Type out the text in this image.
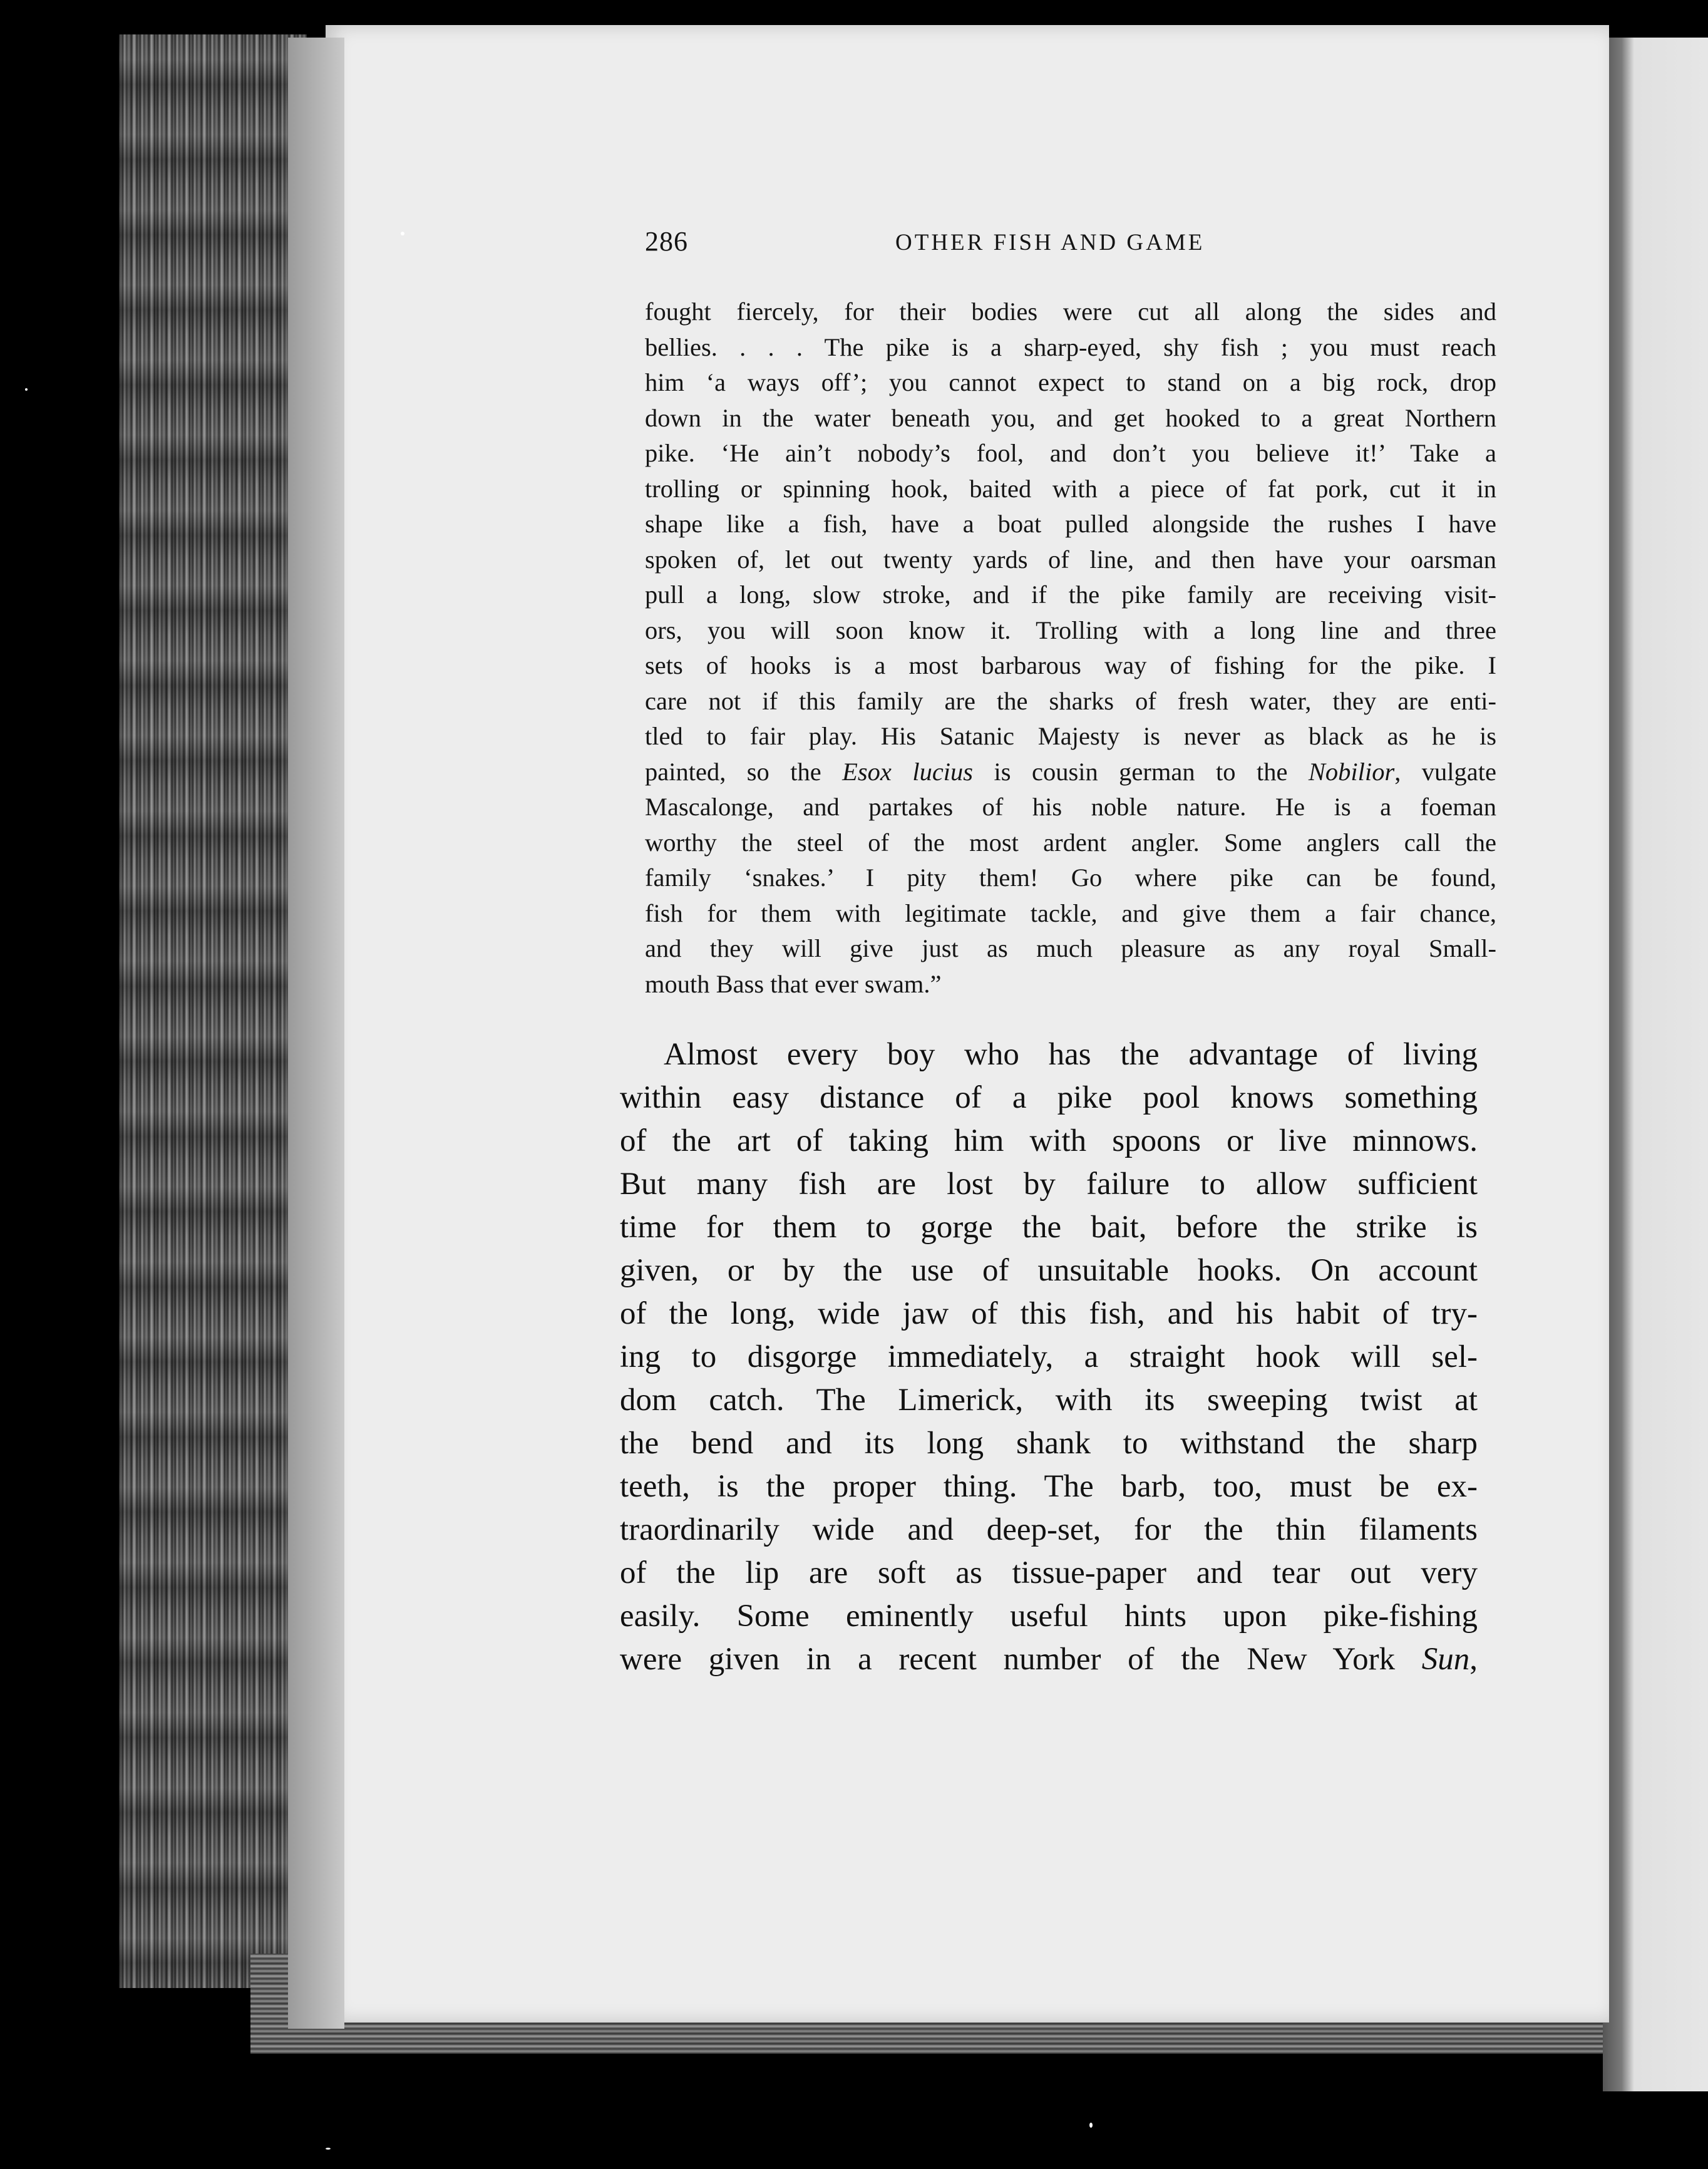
286	OTHER FISH AND GAME
fought fiercely, for their bodies were cut all along the sides and
bellies. . . . The pike is a sharp-eyed, shy fish ; you must reach
him ‘a ways off’; you cannot expect to stand on a big rock, drop
down in the water beneath you, and get hooked to a great Northern
pike. ‘He ain’t nobody’s fool, and don’t you believe it!’ Take a
trolling or spinning hook, baited with a piece of fat pork, cut it in
shape like a fish, have a boat pulled alongside the rushes I have
spoken of, let out twenty yards of line, and then have your oarsman
pull a long, slow stroke, and if the pike family are receiving visit-
ors, you will soon know it. Trolling with a long line and three
sets of hooks is a most barbarous way of fishing for the pike. I
care not if this family are the sharks of fresh water, they are enti-
tled to fair play. His Satanic Majesty is never as black as he is
painted, so the Esox lucius is cousin german to the Nobilior, vulgate
Mascalonge, and partakes of his noble nature. He is a foeman
worthy the steel of the most ardent angler. Some anglers call the
family ‘snakes.’ I pity them! Go where pike can be found,
fish for them with legitimate tackle, and give them a fair chance,
and they will give just as much pleasure as any royal Small-
mouth Bass that ever swam.”
Almost every boy who has the advantage of living
within easy distance of a pike pool knows something
of the art of taking him with spoons or live minnows.
But many fish are lost by failure to allow sufficient
time for them to gorge the bait, before the strike is
given, or by the use of unsuitable hooks. On account
of the long, wide jaw of this fish, and his habit of try-
ing to disgorge immediately, a straight hook will sel-
dom catch. The Limerick, with its sweeping twist at
the bend and its long shank to withstand the sharp
teeth, is the proper thing. The barb, too, must be ex-
traordinarily wide and deep-set, for the thin filaments
of the lip are soft as tissue-paper and tear out very
easily. Some eminently useful hints upon pike-fishing
were given in a recent number of the New York Sun,
